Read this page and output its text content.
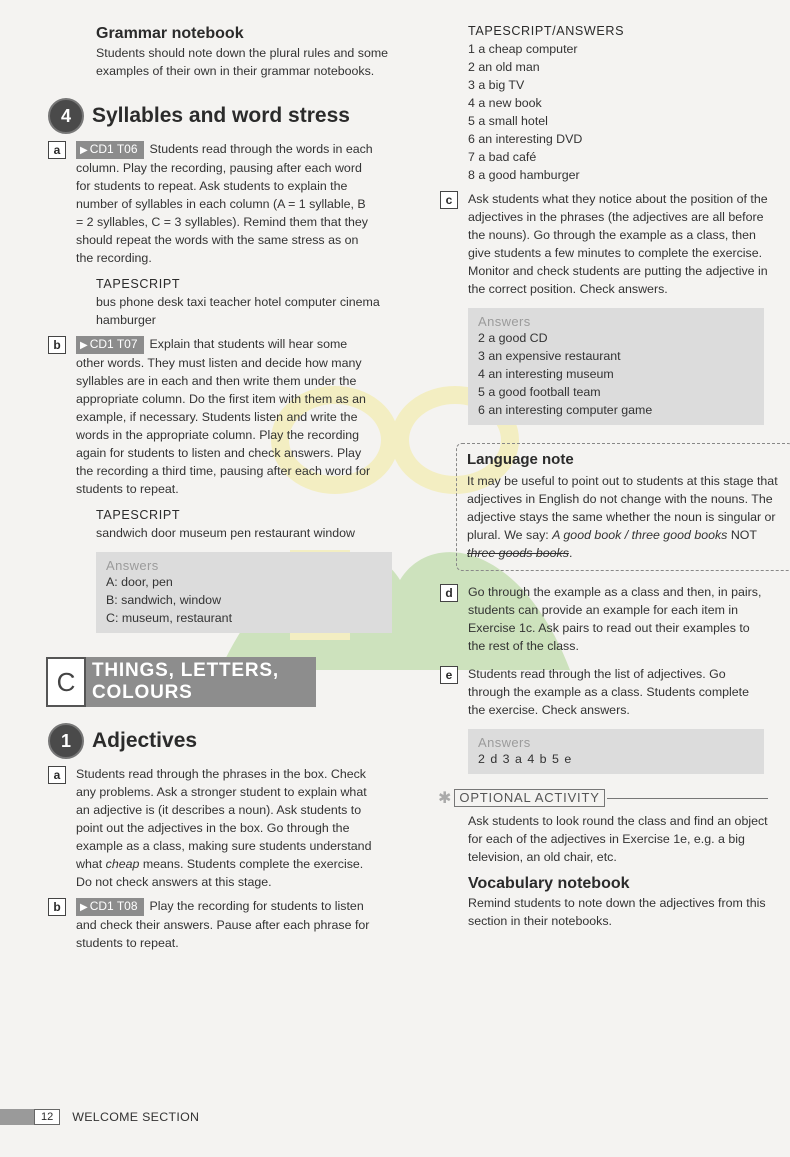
Grammar notebook

Students should note down the plural rules and some examples of their own in their grammar notebooks.

4	Syllables and word stress
a	▶ CD1 T06 Students read through the words in each column. Play the recording, pausing after each word for students to repeat. Ask students to explain the number of syllables in each column (A = 1 syllable, B = 2 syllables, C = 3 syllables). Remind them that they should repeat the words with the same stress as on the recording.

TAPESCRIPT

bus phone desk taxi teacher hotel computer cinema hamburger

b	▶ CD1 T07 Explain that students will hear some other words. They must listen and decide how many syllables are in each and then write them under the appropriate column. Do the first item with them as an example, if necessary. Students listen and write the words in the appropriate column. Play the recording again for students to listen and check answers. Play the recording a third time, pausing after each word for students to repeat.

TAPESCRIPT

sandwich door museum pen restaurant window

Answers
A: door, pen
B: sandwich, window
C: museum, restaurant
C THINGS, LETTERS,
COLOURS
1	Adjectives
a	Students read through the phrases in the box. Check any problems. Ask a stronger student to explain what an adjective is (it describes a noun). Ask students to point out the adjectives in the box. Go through the example as a class, making sure students understand what cheap means. Students complete the exercise. Do not check answers at this stage.

b	▶ CD1 T08 Play the recording for students to listen and check their answers. Pause after each phrase for students to repeat.

TAPESCRIPT/ANSWERS
1 a cheap computer
2 an old man
3 a big TV
4 a new book
5 a small hotel
6 an interesting DVD
7 a bad café
8 a good hamburger
c	Ask students what they notice about the position of the adjectives in the phrases (the adjectives are all before the nouns). Go through the example as a class, then give students a few minutes to complete the exercise. Monitor and check students are putting the adjective in the correct position. Check answers.

Answers
2 a good CD
3 an expensive restaurant
4 an interesting museum
5 a good football team
6 an interesting computer game
Language note

It may be useful to point out to students at this stage that adjectives in English do not change with the nouns. The adjective stays the same whether the noun is singular or plural. We say: A good book / three good books NOT three goods books.

d	Go through the example as a class and then, in pairs, students can provide an example for each item in Exercise 1c. Ask pairs to read out their examples to the rest of the class.

e	Students read through the list of adjectives. Go through the example as a class. Students complete the exercise. Check answers.

Answers
2 d 3 a 4 b 5 e
✱ OPTIONAL ACTIVITY

Ask students to look round the class and find an object for each of the adjectives in Exercise 1e, e.g. a big television, an old chair, etc.

Vocabulary notebook

Remind students to note down the adjectives from this section in their notebooks.

12	WELCOME SECTION
